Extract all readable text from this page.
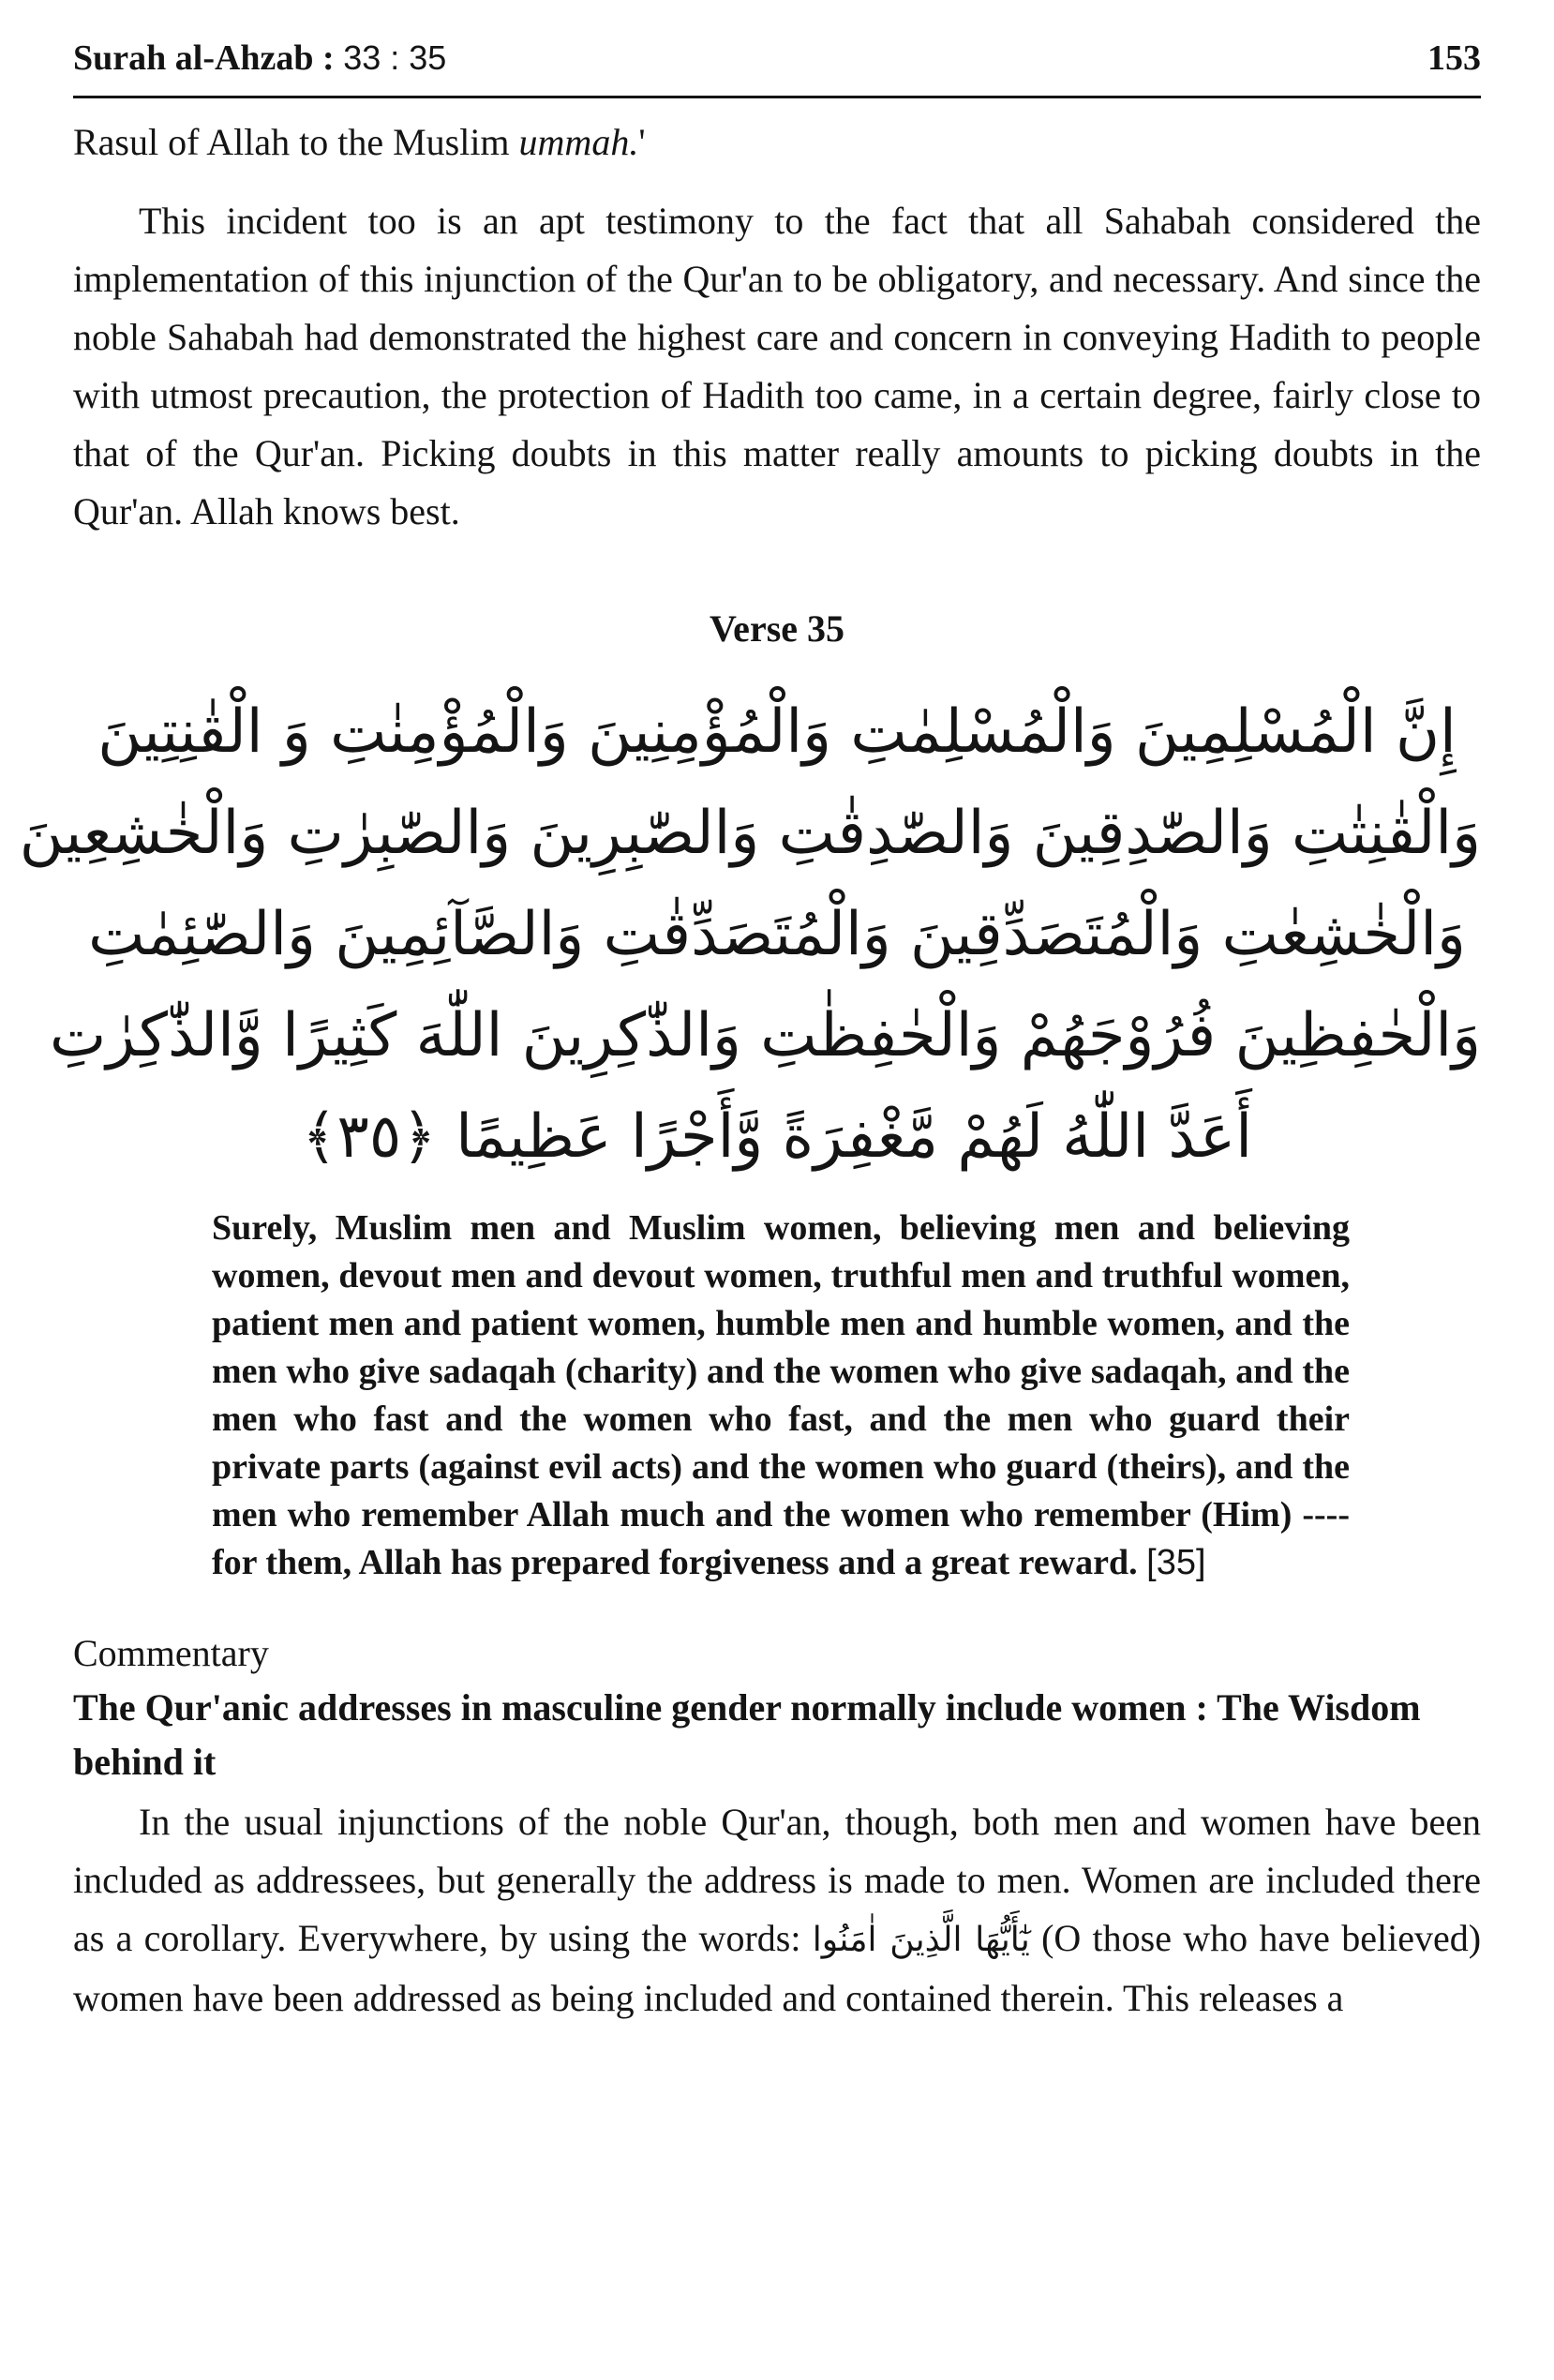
Surah al-Ahzab : 33 : 35	153

Rasul of Allah to the Muslim ummah.'

This incident too is an apt testimony to the fact that all Sahabah considered the implementation of this injunction of the Qur'an to be obligatory, and necessary. And since the noble Sahabah had demonstrated the highest care and concern in conveying Hadith to people with utmost precaution, the protection of Hadith too came, in a certain degree, fairly close to that of the Qur'an. Picking doubts in this matter really amounts to picking doubts in the Qur'an. Allah knows best.

Verse 35
إِنَّ الْمُسْلِمِينَ وَالْمُسْلِمٰتِ وَالْمُؤْمِنِينَ وَالْمُؤْمِنٰتِ وَ الْقٰنِتِينَ
وَالْقٰنِتٰتِ وَالصّٰدِقِينَ وَالصّٰدِقٰتِ وَالصّٰبِرِينَ وَالصّٰبِرٰتِ وَالْخٰشِعِينَ
وَالْخٰشِعٰتِ وَالْمُتَصَدِّقِينَ وَالْمُتَصَدِّقٰتِ وَالصَّآئِمِينَ وَالصّٰئِمٰتِ
وَالْحٰفِظِينَ فُرُوْجَهُمْ وَالْحٰفِظٰتِ وَالذّٰكِرِينَ اللّٰهَ كَثِيرًا وَّالذّٰكِرٰتِ
أَعَدَّ اللّٰهُ لَهُمْ مَّغْفِرَةً وَّأَجْرًا عَظِيمًا ﴿٣٥﴾
Surely, Muslim men and Muslim women, believing men and believing women, devout men and devout women, truthful men and truthful women, patient men and patient women, humble men and humble women, and the men who give sadaqah (charity) and the women who give sadaqah, and the men who fast and the women who fast, and the men who guard their private parts (against evil acts) and the women who guard (theirs), and the men who remember Allah much and the women who remember (Him) ---- for them, Allah has prepared forgiveness and a great reward. [35]
Commentary
The Qur'anic addresses in masculine gender normally include women : The Wisdom behind it

In the usual injunctions of the noble Qur'an, though, both men and women have been included as addressees, but generally the address is made to men. Women are included there as a corollary. Everywhere, by using the words: يٰٓأَيُّهَا الَّذِينَ اٰمَنُوا (O those who have believed) women have been addressed as being included and contained therein. This releases a
